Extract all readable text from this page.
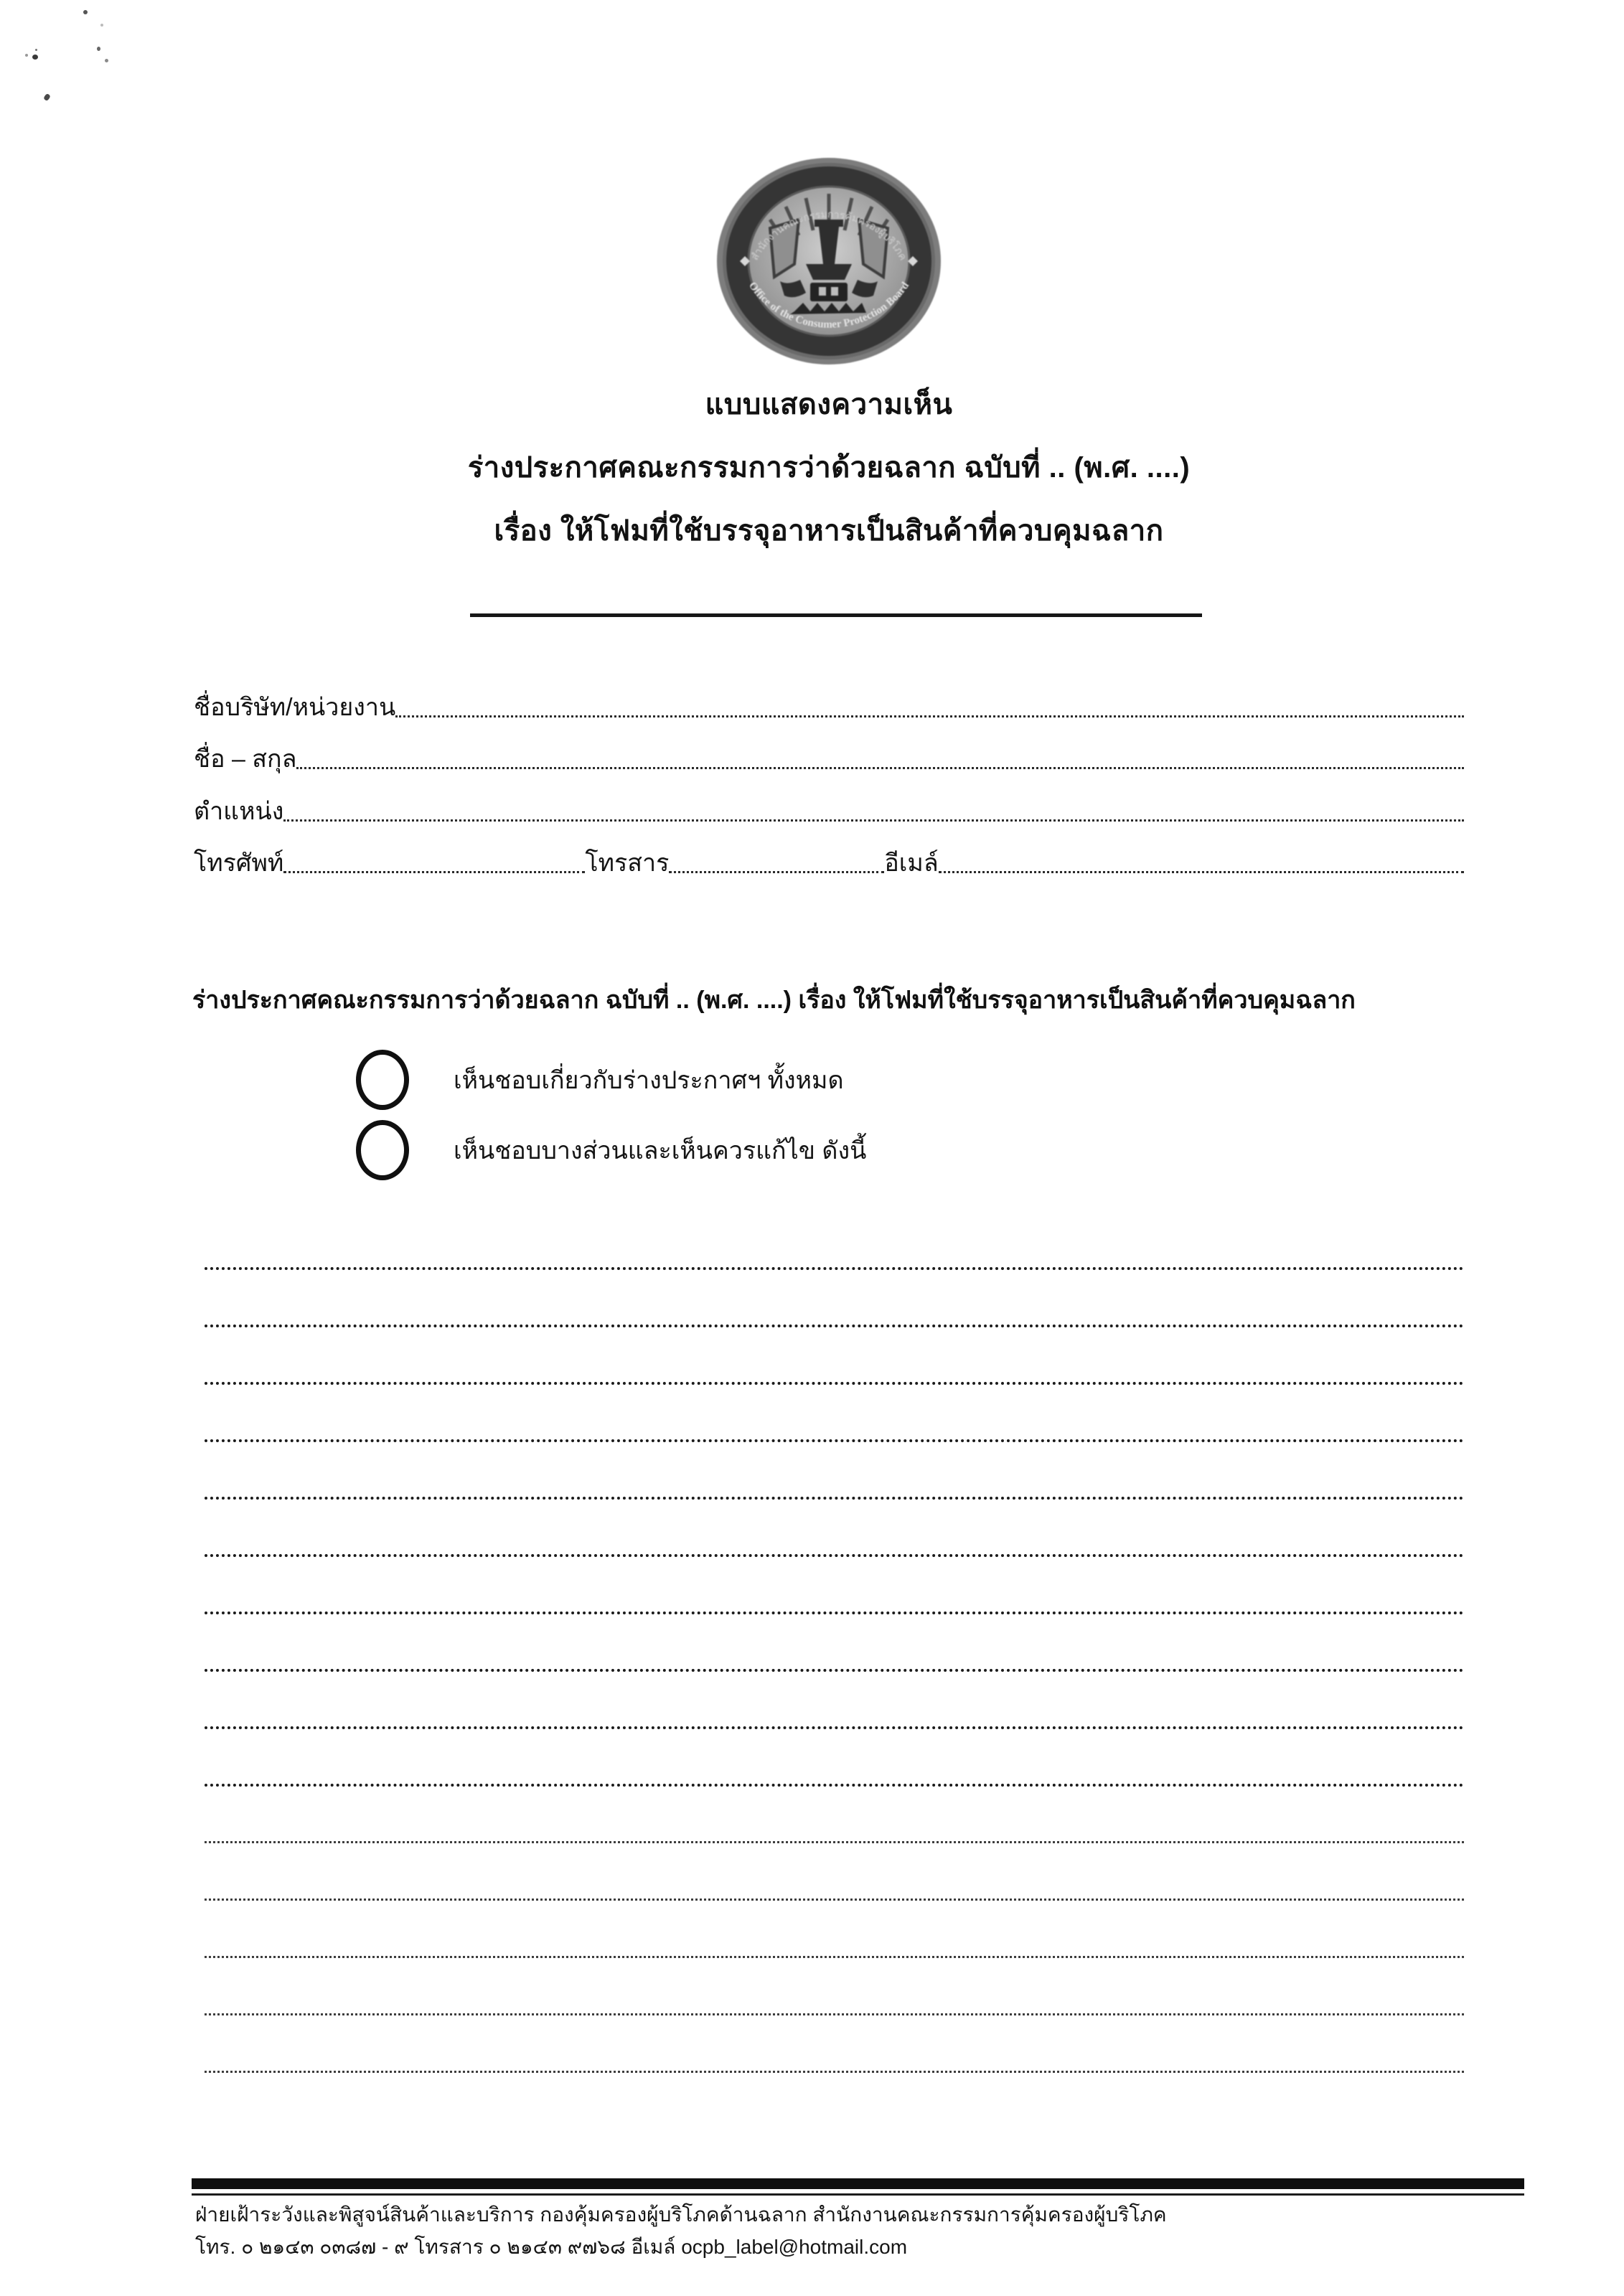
สำนักงานคณะกรรมการคุ้มครองผู้บริโภค
Office of the Consumer Protection Board
แบบแสดงความเห็น
ร่างประกาศคณะกรรมการว่าด้วยฉลาก ฉบับที่ .. (พ.ศ. ....)
เรื่อง ให้โฟมที่ใช้บรรจุอาหารเป็นสินค้าที่ควบคุมฉลาก
ชื่อบริษัท/หน่วยงาน
ชื่อ – สกุล
ตำแหน่ง
โทรศัพท์	โทรสาร	อีเมล์
ร่างประกาศคณะกรรมการว่าด้วยฉลาก ฉบับที่ .. (พ.ศ. ....) เรื่อง ให้โฟมที่ใช้บรรจุอาหารเป็นสินค้าที่ควบคุมฉลาก
เห็นชอบเกี่ยวกับร่างประกาศฯ ทั้งหมด
เห็นชอบบางส่วนและเห็นควรแก้ไข ดังนี้
ฝ่ายเฝ้าระวังและพิสูจน์สินค้าและบริการ กองคุ้มครองผู้บริโภคด้านฉลาก สำนักงานคณะกรรมการคุ้มครองผู้บริโภค
โทร. ๐ ๒๑๔๓ ๐๓๘๗ - ๙ โทรสาร ๐ ๒๑๔๓ ๙๗๖๘ อีเมล์ ocpb_label@hotmail.com
